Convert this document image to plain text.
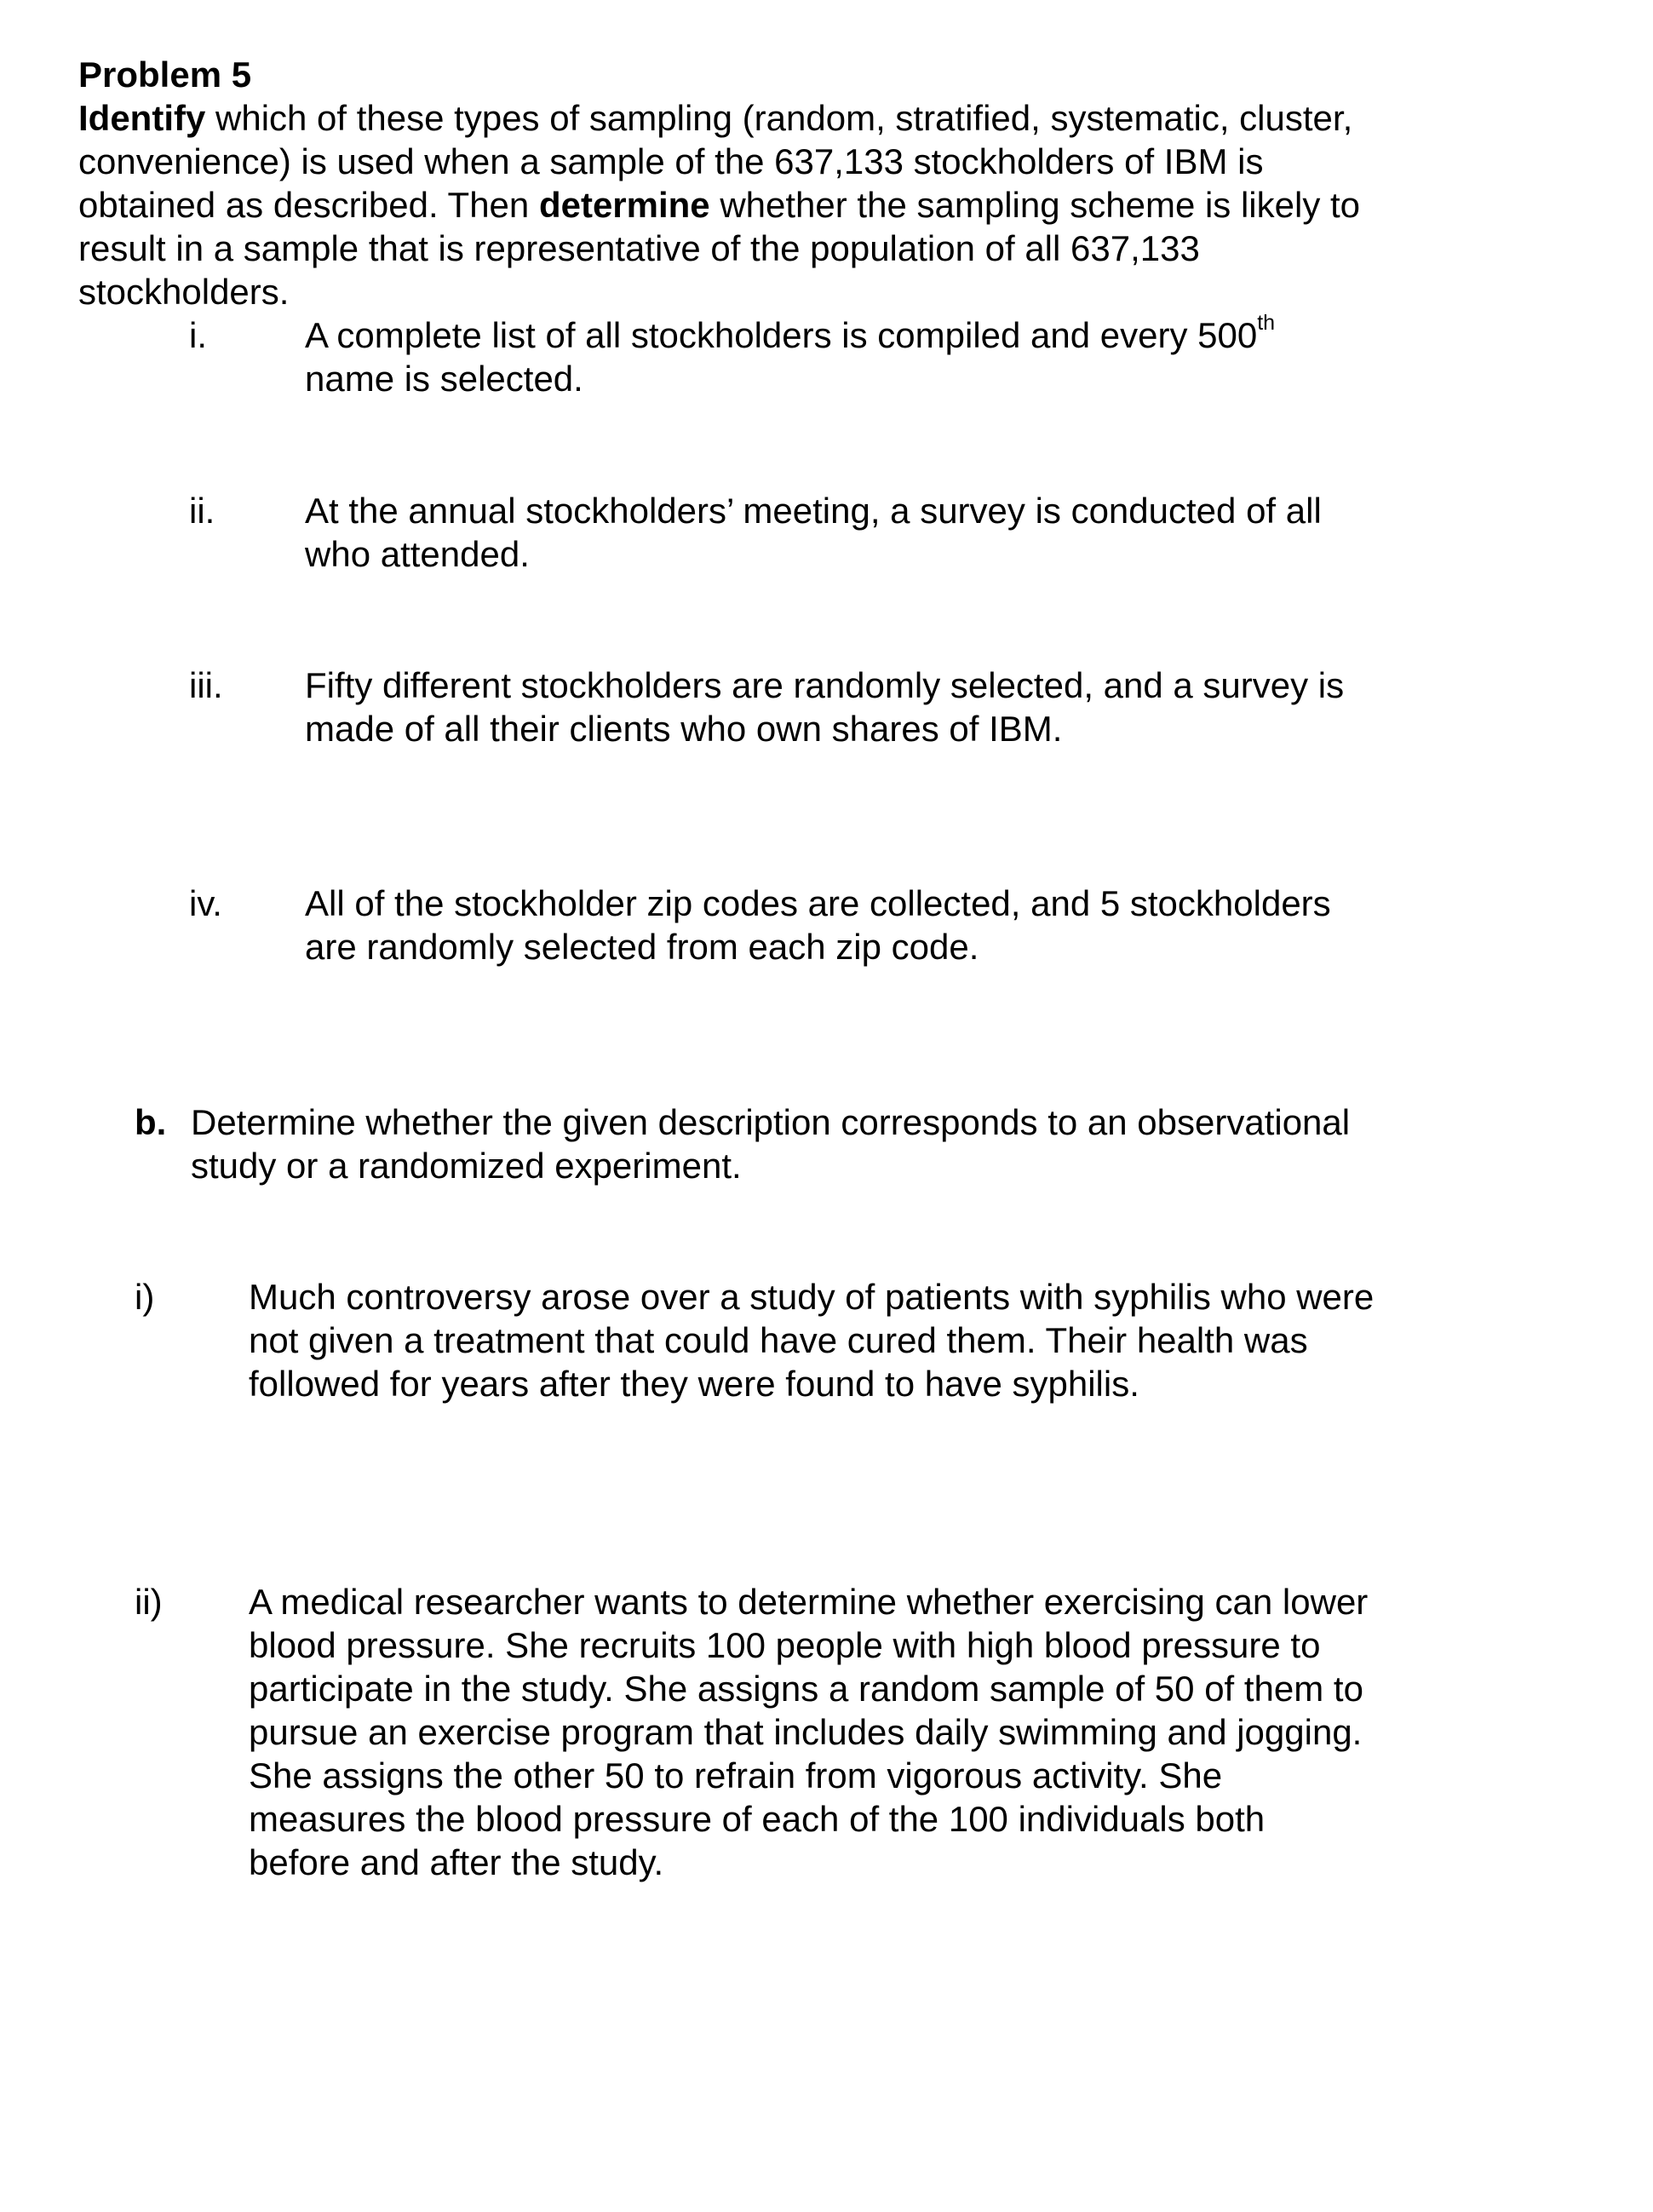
Problem 5
Identify which of these types of sampling (random, stratified, systematic, cluster,
convenience) is used when a sample of the 637,133 stockholders of IBM is
obtained as described. Then determine whether the sampling scheme is likely to
result in a sample that is representative of the population of all 637,133
stockholders.
i.	A complete list of all stockholders is compiled and every 500th
name is selected.
ii.	At the annual stockholders’ meeting, a survey is conducted of all
who attended.
iii. Fifty different stockholders are randomly selected, and a survey is
made of all their clients who own shares of IBM.
iv. All of the stockholder zip codes are collected, and 5 stockholders
are randomly selected from each zip code.
b. Determine whether the given description corresponds to an observational
study or a randomized experiment.
i)	Much controversy arose over a study of patients with syphilis who were
not given a treatment that could have cured them. Their health was
followed for years after they were found to have syphilis.
ii) A medical researcher wants to determine whether exercising can lower
blood pressure. She recruits 100 people with high blood pressure to
participate in the study. She assigns a random sample of 50 of them to
pursue an exercise program that includes daily swimming and jogging.
She assigns the other 50 to refrain from vigorous activity. She
measures the blood pressure of each of the 100 individuals both
before and after the study.
